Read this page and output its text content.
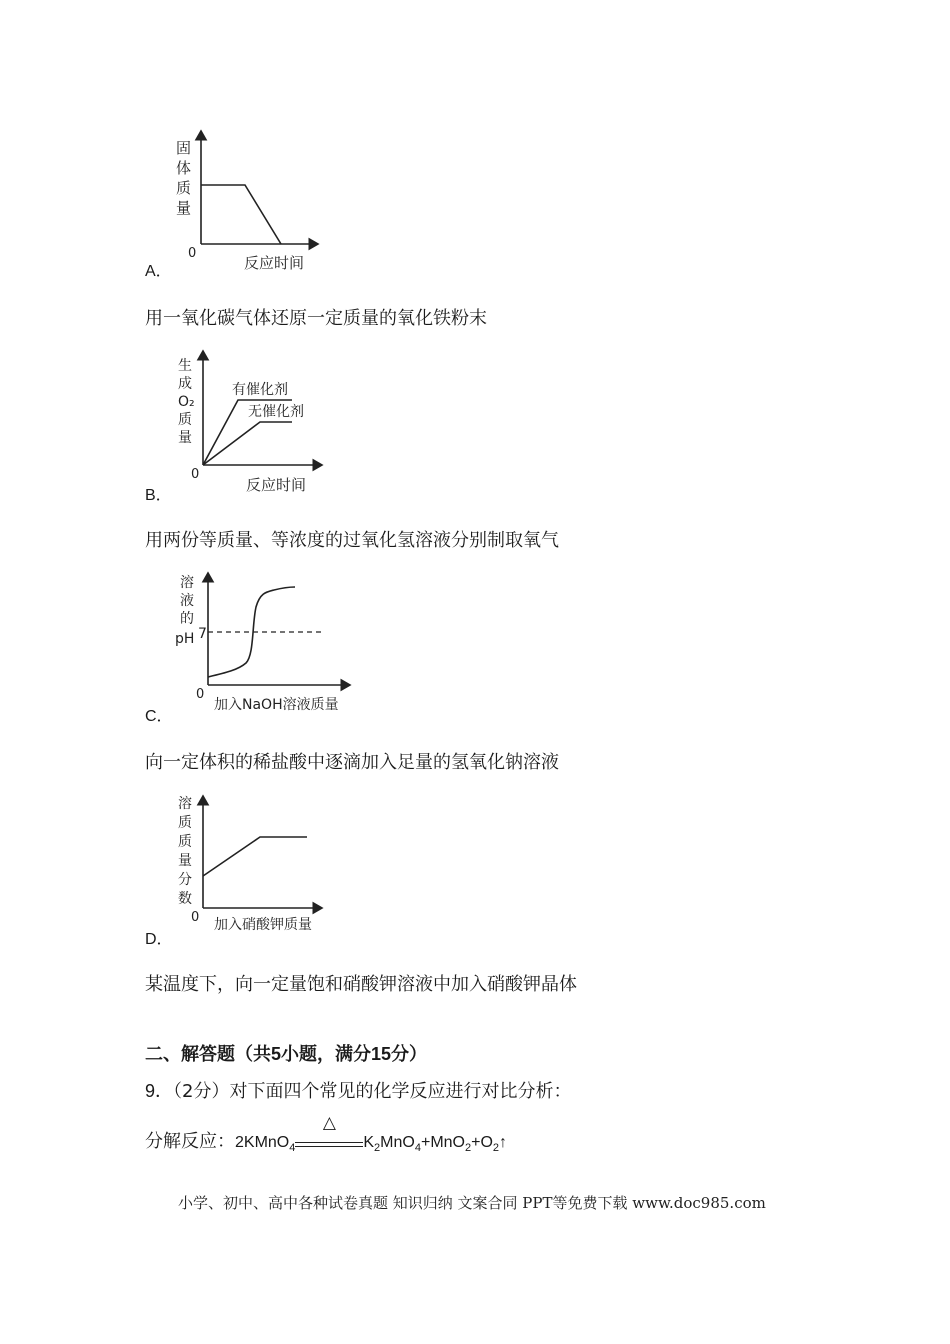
固
体
质
量
0
反应时间
A．
用一氧化碳气体还原一定质量的氧化铁粉末
有催化剂
无催化剂
生
成
O₂
质
量
0
反应时间
B．
用两份等质量、等浓度的过氧化氢溶液分别制取氧气
溶
液
的
pH 7
0
加入NaOH溶液质量
C．
向一定体积的稀盐酸中逐滴加入足量的氢氧化钠溶液
溶
质
质
量
分
数
0 加入硝酸钾质量
D．
某温度下，向一定量饱和硝酸钾溶液中加入硝酸钾晶体
二、解答题（共5小题，满分15分）
9．（2分）对下面四个常见的化学反应进行对比分析：
分解反应：2KMnO$_4$
△
$K_2MnO_4+MnO_2+O_2↑$
小学、初中、高中各种试卷真题 知识归纳 文案合同 PPT等免费下载 www.doc985.com
